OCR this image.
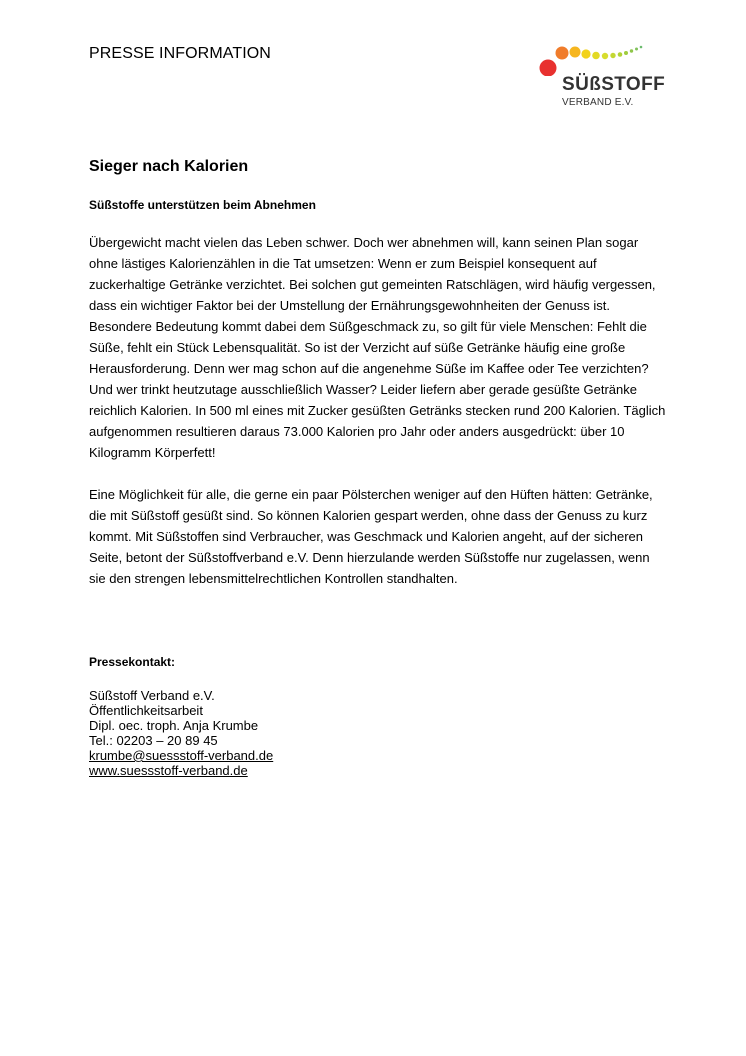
PRESSE INFORMATION
SÜßSTOFF
VERBAND E.V.
Sieger nach Kalorien
Süßstoffe unterstützen beim Abnehmen

Übergewicht macht vielen das Leben schwer. Doch wer abnehmen will, kann seinen Plan sogar ohne lästiges Kalorienzählen in die Tat umsetzen: Wenn er zum Beispiel konsequent auf zuckerhaltige Getränke verzichtet. Bei solchen gut gemeinten Ratschlägen, wird häufig vergessen, dass ein wichtiger Faktor bei der Umstellung der Ernährungsgewohnheiten der Genuss ist. Besondere Bedeutung kommt dabei dem Süßgeschmack zu, so gilt für viele Menschen: Fehlt die Süße, fehlt ein Stück Lebensqualität. So ist der Verzicht auf süße Getränke häufig eine große Herausforderung. Denn wer mag schon auf die angenehme Süße im Kaffee oder Tee verzichten? Und wer trinkt heutzutage ausschließlich Wasser? Leider liefern aber gerade gesüßte Getränke reichlich Kalorien. In 500 ml eines mit Zucker gesüßten Getränks stecken rund 200 Kalorien. Täglich aufgenommen resultieren daraus 73.000 Kalorien pro Jahr oder anders ausgedrückt: über 10 Kilogramm Körperfett!

Eine Möglichkeit für alle, die gerne ein paar Pölsterchen weniger auf den Hüften hätten: Getränke, die mit Süßstoff gesüßt sind. So können Kalorien gespart werden, ohne dass der Genuss zu kurz kommt. Mit Süßstoffen sind Verbraucher, was Geschmack und Kalorien angeht, auf der sicheren Seite, betont der Süßstoffverband e.V. Denn hierzulande werden Süßstoffe nur zugelassen, wenn sie den strengen lebensmittelrechtlichen Kontrollen standhalten.

Pressekontakt:
Süßstoff Verband e.V.
Öffentlichkeitsarbeit
Dipl. oec. troph. Anja Krumbe
Tel.: 02203 – 20 89 45
krumbe@suessstoff-verband.de
www.suessstoff-verband.de
